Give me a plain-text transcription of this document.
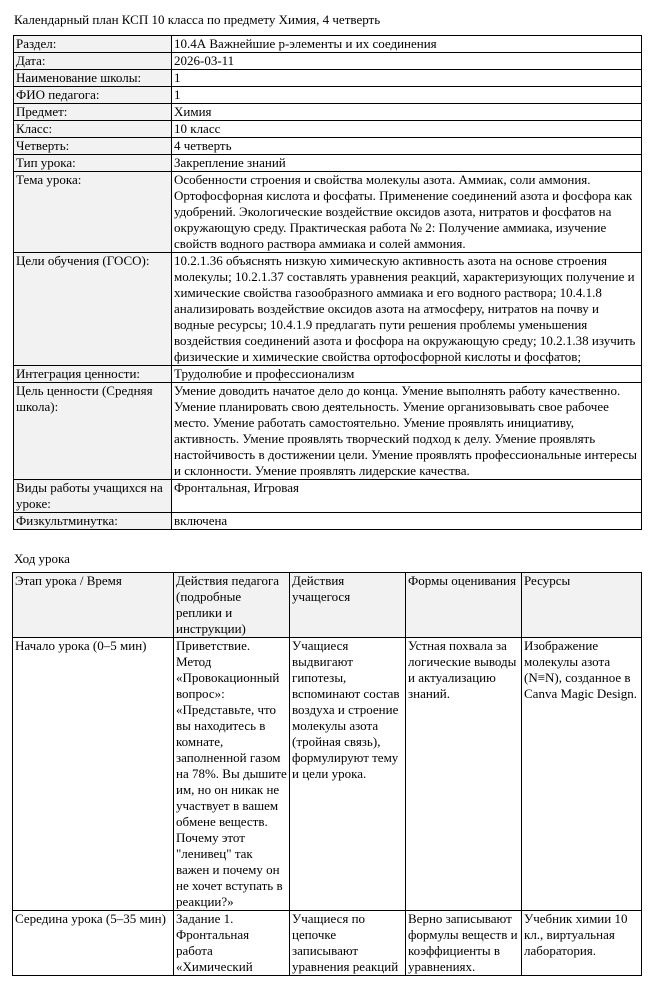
Календарный план КСП 10 класса по предмету Химия, 4 четверть
Раздел:	10.4А Важнейшие р-элементы и их соединения
Дата:	2026-03-11
Наименование школы:	1
ФИО педагога:	1
Предмет:	Химия
Класс:	10 класс
Четверть:	4 четверть
Тип урока:	Закрепление знаний
Тема урока:	Особенности строения и свойства молекулы азота. Аммиак, соли аммония. Ортофосфорная кислота и фосфаты. Применение соединений азота и фосфора как удобрений. Экологические воздействие оксидов азота, нитратов и фосфатов на окружающую среду. Практическая работа № 2: Получение аммиака, изучение свойств водного раствора аммиака и солей аммония.
Цели обучения (ГОСО):	10.2.1.36 объяснять низкую химическую активность азота на основе строения молекулы; 10.2.1.37 составлять уравнения реакций, характеризующих получение и химические свойства газообразного аммиака и его водного раствора; 10.4.1.8 анализировать воздействие оксидов азота на атмосферу, нитратов на почву и водные ресурсы; 10.4.1.9 предлагать пути решения проблемы уменьшения воздействия соединений азота и фосфора на окружающую среду; 10.2.1.38 изучить физические и химические свойства ортофосфорной кислоты и фосфатов;
Интеграция ценности:	Трудолюбие и профессионализм
Цель ценности (Средняя школа):	Умение доводить начатое дело до конца. Умение выполнять работу качественно. Умение планировать свою деятельность. Умение организовывать свое рабочее место. Умение работать самостоятельно. Умение проявлять инициативу, активность. Умение проявлять творческий подход к делу. Умение проявлять настойчивость в достижении цели. Умение проявлять профессиональные интересы и склонности. Умение проявлять лидерские качества.
Виды работы учащихся на уроке:	Фронтальная, Игровая
Физкультминутка:	включена
Ход урока
Этап урока / Время	Действия педагога (подробные реплики и инструкции)	Действия учащегося	Формы оценивания	Ресурсы
Начало урока (0–5 мин)	Приветствие. Метод «Провокационный вопрос»: «Представьте, что вы находитесь в комнате, заполненной газом на 78%. Вы дышите им, но он никак не участвует в вашем обмене веществ. Почему этот "ленивец" так важен и почему он не хочет вступать в реакции?»	Учащиеся выдвигают гипотезы, вспоминают состав воздуха и строение молекулы азота (тройная связь), формулируют тему и цели урока.	Устная похвала за логические выводы и актуализацию знаний.	Изображение молекулы азота (N≡N), созданное в Canva Magic Design.
Середина урока (5–35 мин)	Задание 1. Фронтальная работа «Химический	Учащиеся по цепочке записывают уравнения реакций	Верно записывают формулы веществ и коэффициенты в уравнениях.	Учебник химии 10 кл., виртуальная лаборатория.
